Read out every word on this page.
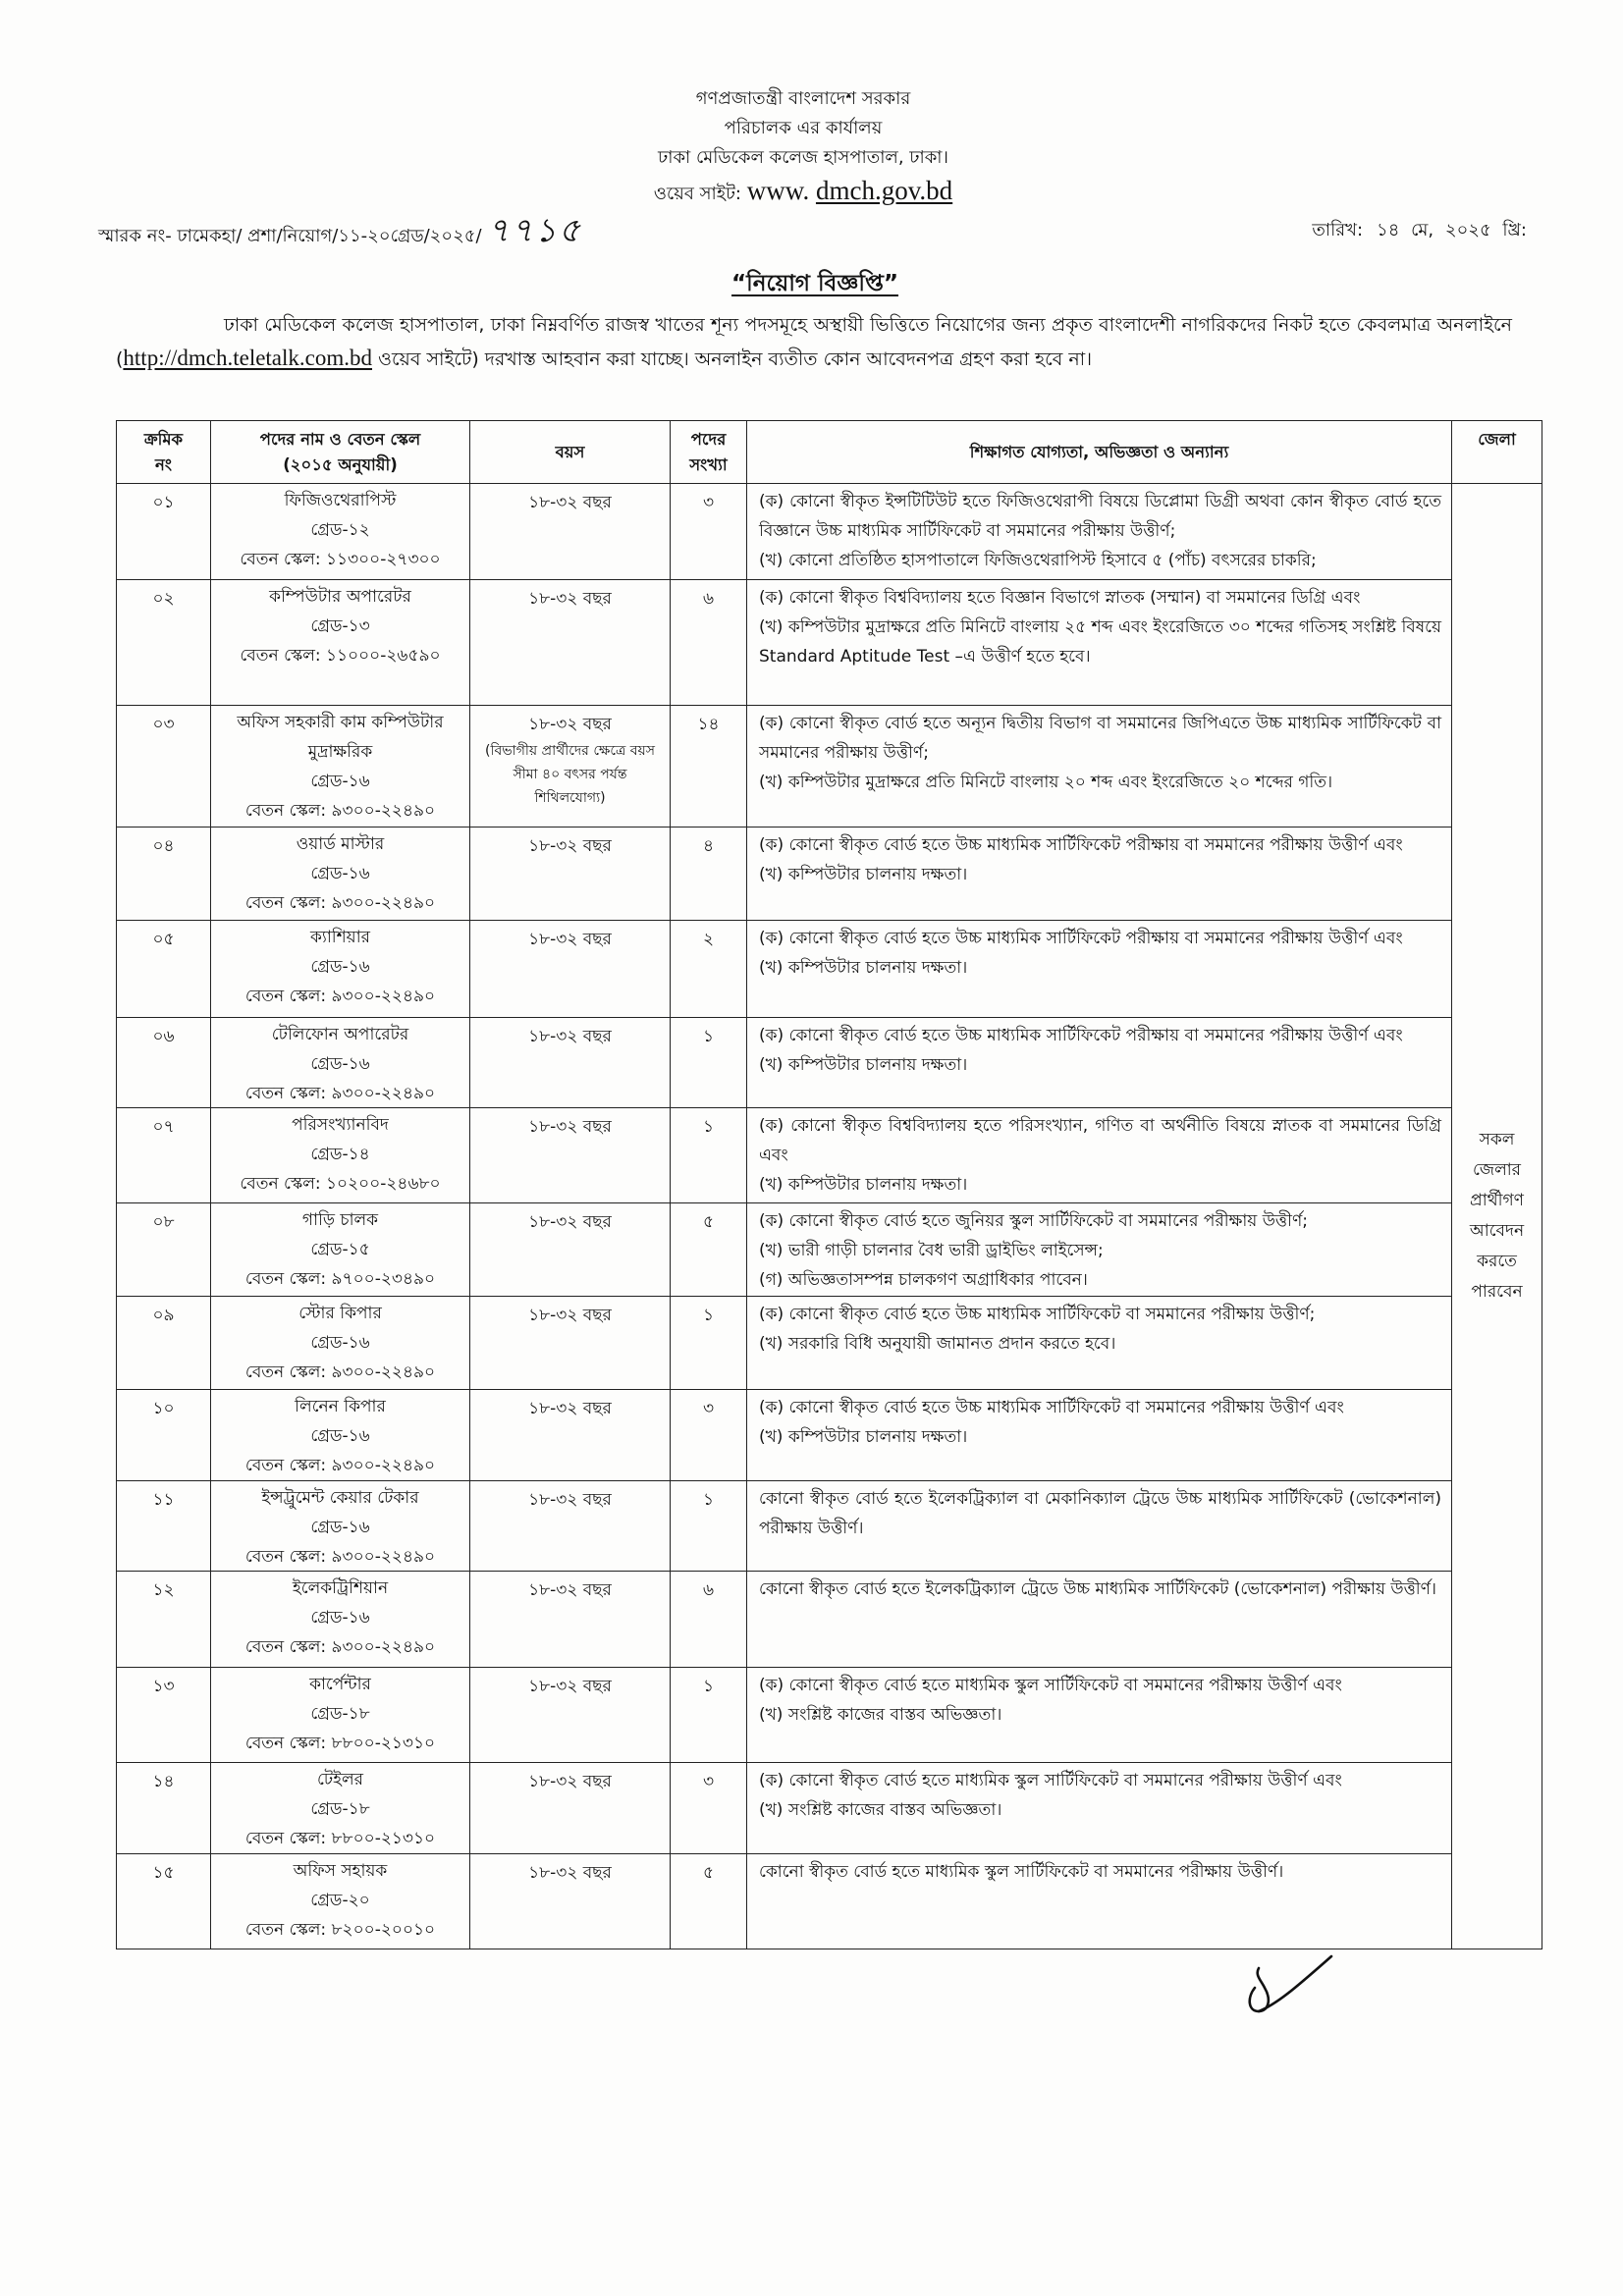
গণপ্রজাতন্ত্রী বাংলাদেশ সরকার
পরিচালক এর কার্যালয়
ঢাকা মেডিকেল কলেজ হাসপাতাল, ঢাকা।
ওয়েব সাইট: www. dmch.gov.bd
স্মারক নং- ঢামেকহা/ প্রশা/নিয়োগ/১১-২০গ্রেড/২০২৫/ ৭৭১৫	তারিখ: ১৪ মে, ২০২৫ খ্রি:
“নিয়োগ বিজ্ঞপ্তি”
ঢাকা মেডিকেল কলেজ হাসপাতাল, ঢাকা নিম্নবর্ণিত রাজস্ব খাতের শূন্য পদসমূহে অস্থায়ী ভিত্তিতে নিয়োগের জন্য প্রকৃত বাংলাদেশী নাগরিকদের নিকট হতে কেবলমাত্র অনলাইনে (http://dmch.teletalk.com.bd ওয়েব সাইটে) দরখাস্ত আহবান করা যাচ্ছে। অনলাইন ব্যতীত কোন আবেদনপত্র গ্রহণ করা হবে না।
ক্রমিক
নং
পদের নাম ও বেতন স্কেল
(২০১৫ অনুযায়ী)
বয়স
পদের
সংখ্যা
শিক্ষাগত যোগ্যতা, অভিজ্ঞতা ও অন্যান্য
জেলা
সকল জেলার প্রার্থীগণ আবেদন করতে পারবেন
০১	ফিজিওথেরাপিস্ট
গ্রেড-১২
বেতন স্কেল: ১১৩০০-২৭৩০০
১৮-৩২ বছর	৩	(ক) কোনো স্বীকৃত ইন্সটিটিউট হতে ফিজিওথেরাপী বিষয়ে ডিপ্লোমা ডিগ্রী অথবা কোন স্বীকৃত বোর্ড হতে বিজ্ঞানে উচ্চ মাধ্যমিক সার্টিফিকেট বা সমমানের পরীক্ষায় উত্তীর্ণ;
(খ) কোনো প্রতিষ্ঠিত হাসপাতালে ফিজিওথেরাপিস্ট হিসাবে ৫ (পাঁচ) বৎসরের চাকরি;
০২	কম্পিউটার অপারেটর
গ্রেড-১৩
বেতন স্কেল: ১১০০০-২৬৫৯০
১৮-৩২ বছর	৬	(ক) কোনো স্বীকৃত বিশ্ববিদ্যালয় হতে বিজ্ঞান বিভাগে স্নাতক (সম্মান) বা সমমানের ডিগ্রি এবং
(খ) কম্পিউটার মুদ্রাক্ষরে প্রতি মিনিটে বাংলায় ২৫ শব্দ এবং ইংরেজিতে ৩০ শব্দের গতিসহ সংশ্লিষ্ট বিষয়ে Standard Aptitude Test –এ উত্তীর্ণ হতে হবে।
০৩	অফিস সহকারী কাম কম্পিউটার মুদ্রাক্ষরিক
গ্রেড-১৬
বেতন স্কেল: ৯৩০০-২২৪৯০
১৮-৩২ বছর
(বিভাগীয় প্রার্থীদের ক্ষেত্রে বয়স সীমা ৪০ বৎসর পর্যন্ত শিথিলযোগ্য)
১৪	(ক) কোনো স্বীকৃত বোর্ড হতে অন্যূন দ্বিতীয় বিভাগ বা সমমানের জিপিএতে উচ্চ মাধ্যমিক সার্টিফিকেট বা সমমানের পরীক্ষায় উত্তীর্ণ;
(খ) কম্পিউটার মুদ্রাক্ষরে প্রতি মিনিটে বাংলায় ২০ শব্দ এবং ইংরেজিতে ২০ শব্দের গতি।
০৪	ওয়ার্ড মাস্টার
গ্রেড-১৬
বেতন স্কেল: ৯৩০০-২২৪৯০
১৮-৩২ বছর	৪	(ক) কোনো স্বীকৃত বোর্ড হতে উচ্চ মাধ্যমিক সার্টিফিকেট পরীক্ষায় বা সমমানের পরীক্ষায় উত্তীর্ণ এবং
(খ) কম্পিউটার চালনায় দক্ষতা।
০৫	ক্যাশিয়ার
গ্রেড-১৬
বেতন স্কেল: ৯৩০০-২২৪৯০
১৮-৩২ বছর	২	(ক) কোনো স্বীকৃত বোর্ড হতে উচ্চ মাধ্যমিক সার্টিফিকেট পরীক্ষায় বা সমমানের পরীক্ষায় উত্তীর্ণ এবং
(খ) কম্পিউটার চালনায় দক্ষতা।
০৬	টেলিফোন অপারেটর
গ্রেড-১৬
বেতন স্কেল: ৯৩০০-২২৪৯০
১৮-৩২ বছর	১	(ক) কোনো স্বীকৃত বোর্ড হতে উচ্চ মাধ্যমিক সার্টিফিকেট পরীক্ষায় বা সমমানের পরীক্ষায় উত্তীর্ণ এবং
(খ) কম্পিউটার চালনায় দক্ষতা।
০৭	পরিসংখ্যানবিদ
গ্রেড-১৪
বেতন স্কেল: ১০২০০-২৪৬৮০
১৮-৩২ বছর	১	(ক) কোনো স্বীকৃত বিশ্ববিদ্যালয় হতে পরিসংখ্যান, গণিত বা অর্থনীতি বিষয়ে স্নাতক বা সমমানের ডিগ্রি এবং
(খ) কম্পিউটার চালনায় দক্ষতা।
০৮	গাড়ি চালক
গ্রেড-১৫
বেতন স্কেল: ৯৭০০-২৩৪৯০
১৮-৩২ বছর	৫	(ক) কোনো স্বীকৃত বোর্ড হতে জুনিয়র স্কুল সার্টিফিকেট বা সমমানের পরীক্ষায় উত্তীর্ণ;
(খ) ভারী গাড়ী চালনার বৈধ ভারী ড্রাইভিং লাইসেন্স;
(গ) অভিজ্ঞতাসম্পন্ন চালকগণ অগ্রাধিকার পাবেন।
০৯	স্টোর কিপার
গ্রেড-১৬
বেতন স্কেল: ৯৩০০-২২৪৯০
১৮-৩২ বছর	১	(ক) কোনো স্বীকৃত বোর্ড হতে উচ্চ মাধ্যমিক সার্টিফিকেট বা সমমানের পরীক্ষায় উত্তীর্ণ;
(খ) সরকারি বিধি অনুযায়ী জামানত প্রদান করতে হবে।
১০	লিনেন কিপার
গ্রেড-১৬
বেতন স্কেল: ৯৩০০-২২৪৯০
১৮-৩২ বছর	৩	(ক) কোনো স্বীকৃত বোর্ড হতে উচ্চ মাধ্যমিক সার্টিফিকেট বা সমমানের পরীক্ষায় উত্তীর্ণ এবং
(খ) কম্পিউটার চালনায় দক্ষতা।
১১	ইন্সট্রুমেন্ট কেয়ার টেকার
গ্রেড-১৬
বেতন স্কেল: ৯৩০০-২২৪৯০
১৮-৩২ বছর	১	কোনো স্বীকৃত বোর্ড হতে ইলেকট্রিক্যাল বা মেকানিক্যাল ট্রেডে উচ্চ মাধ্যমিক সার্টিফিকেট (ভোকেশনাল) পরীক্ষায় উত্তীর্ণ।
১২	ইলেকট্রিশিয়ান
গ্রেড-১৬
বেতন স্কেল: ৯৩০০-২২৪৯০
১৮-৩২ বছর	৬	কোনো স্বীকৃত বোর্ড হতে ইলেকট্রিক্যাল ট্রেডে উচ্চ মাধ্যমিক সার্টিফিকেট (ভোকেশনাল) পরীক্ষায় উত্তীর্ণ।
১৩	কার্পেন্টার
গ্রেড-১৮
বেতন স্কেল: ৮৮০০-২১৩১০
১৮-৩২ বছর	১	(ক) কোনো স্বীকৃত বোর্ড হতে মাধ্যমিক স্কুল সার্টিফিকেট বা সমমানের পরীক্ষায় উত্তীর্ণ এবং
(খ) সংশ্লিষ্ট কাজের বাস্তব অভিজ্ঞতা।
১৪	টেইলর
গ্রেড-১৮
বেতন স্কেল: ৮৮০০-২১৩১০
১৮-৩২ বছর	৩	(ক) কোনো স্বীকৃত বোর্ড হতে মাধ্যমিক স্কুল সার্টিফিকেট বা সমমানের পরীক্ষায় উত্তীর্ণ এবং
(খ) সংশ্লিষ্ট কাজের বাস্তব অভিজ্ঞতা।
১৫	অফিস সহায়ক
গ্রেড-২০
বেতন স্কেল: ৮২০০-২০০১০
১৮-৩২ বছর	৫	কোনো স্বীকৃত বোর্ড হতে মাধ্যমিক স্কুল সার্টিফিকেট বা সমমানের পরীক্ষায় উত্তীর্ণ।
